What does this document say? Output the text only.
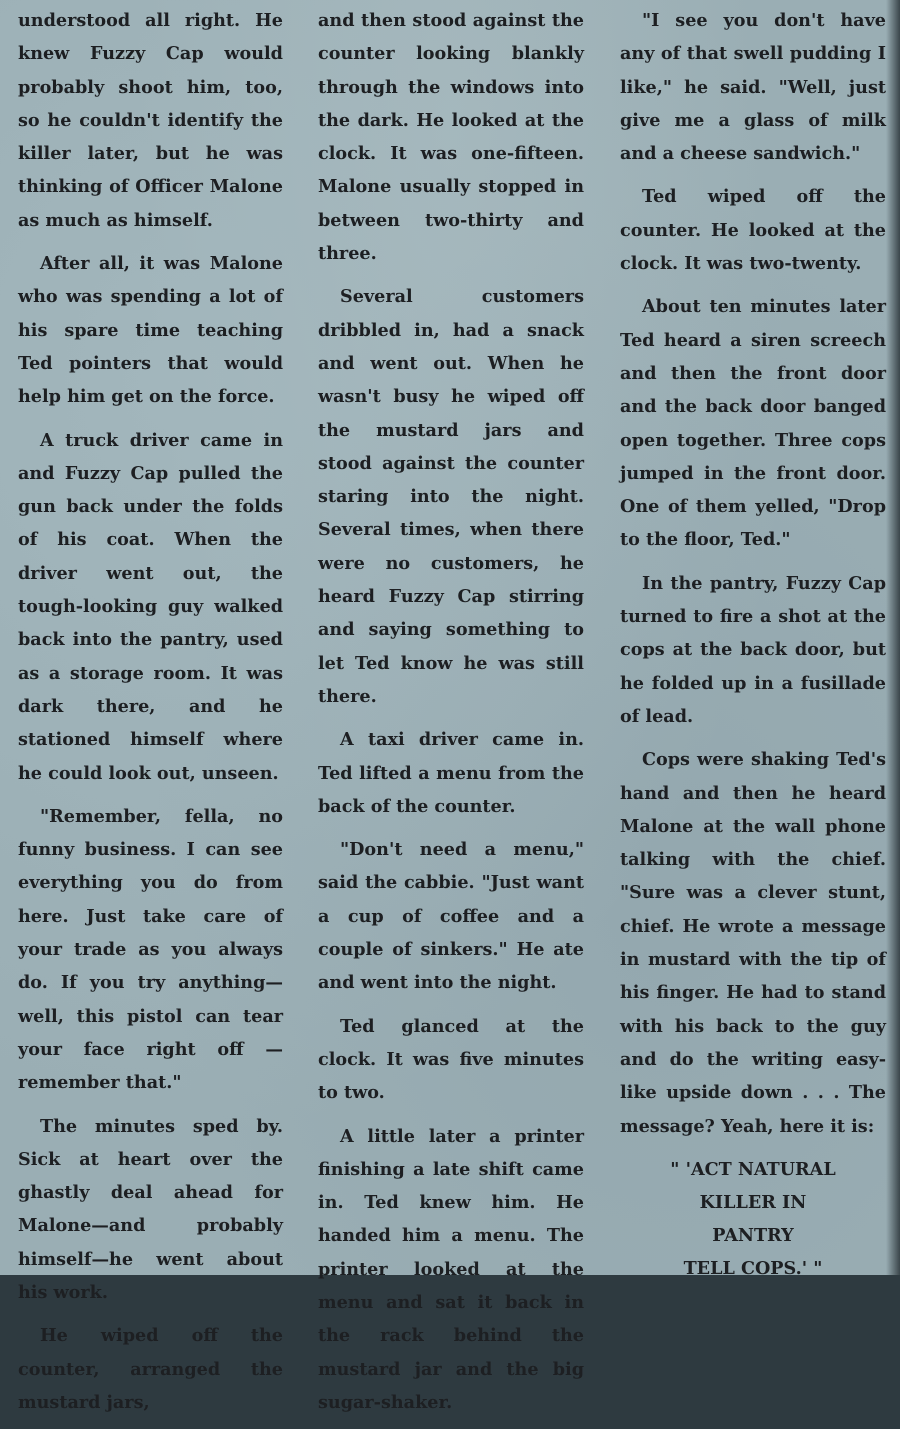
understood all right. He knew Fuzzy Cap would probably shoot him, too, so he couldn't identify the killer later, but he was thinking of Officer Malone as much as himself.

After all, it was Malone who was spending a lot of his spare time teaching Ted pointers that would help him get on the force.

A truck driver came in and Fuzzy Cap pulled the gun back under the folds of his coat. When the driver went out, the tough-looking guy walked back into the pantry, used as a storage room. It was dark there, and he stationed himself where he could look out, unseen.

"Remember, fella, no funny business. I can see everything you do from here. Just take care of your trade as you always do. If you try anything—well, this pistol can tear your face right off —remember that."

The minutes sped by. Sick at heart over the ghastly deal ahead for Malone—and probably himself—he went about his work.

He wiped off the counter, arranged the mustard jars,

and then stood against the counter looking blankly through the windows into the dark. He looked at the clock. It was one-fifteen. Malone usually stopped in between two-thirty and three.

Several customers dribbled in, had a snack and went out. When he wasn't busy he wiped off the mustard jars and stood against the counter staring into the night. Several times, when there were no customers, he heard Fuzzy Cap stirring and saying something to let Ted know he was still there.

A taxi driver came in. Ted lifted a menu from the back of the counter.

"Don't need a menu," said the cabbie. "Just want a cup of coffee and a couple of sinkers." He ate and went into the night.

Ted glanced at the clock. It was five minutes to two.

A little later a printer finishing a late shift came in. Ted knew him. He handed him a menu. The printer looked at the menu and sat it back in the rack behind the mustard jar and the big sugar-shaker.

"I see you don't have any of that swell pudding I like," he said. "Well, just give me a glass of milk and a cheese sandwich."

Ted wiped off the counter. He looked at the clock. It was two-twenty.

About ten minutes later Ted heard a siren screech and then the front door and the back door banged open together. Three cops jumped in the front door. One of them yelled, "Drop to the floor, Ted."

In the pantry, Fuzzy Cap turned to fire a shot at the cops at the back door, but he folded up in a fusillade of lead.

Cops were shaking Ted's hand and then he heard Malone at the wall phone talking with the chief. "Sure was a clever stunt, chief. He wrote a message in mustard with the tip of his finger. He had to stand with his back to the guy and do the writing easy-like upside down . . . The message? Yeah, here it is:

" 'ACT NATURAL
KILLER IN
PANTRY
TELL COPS.' "
